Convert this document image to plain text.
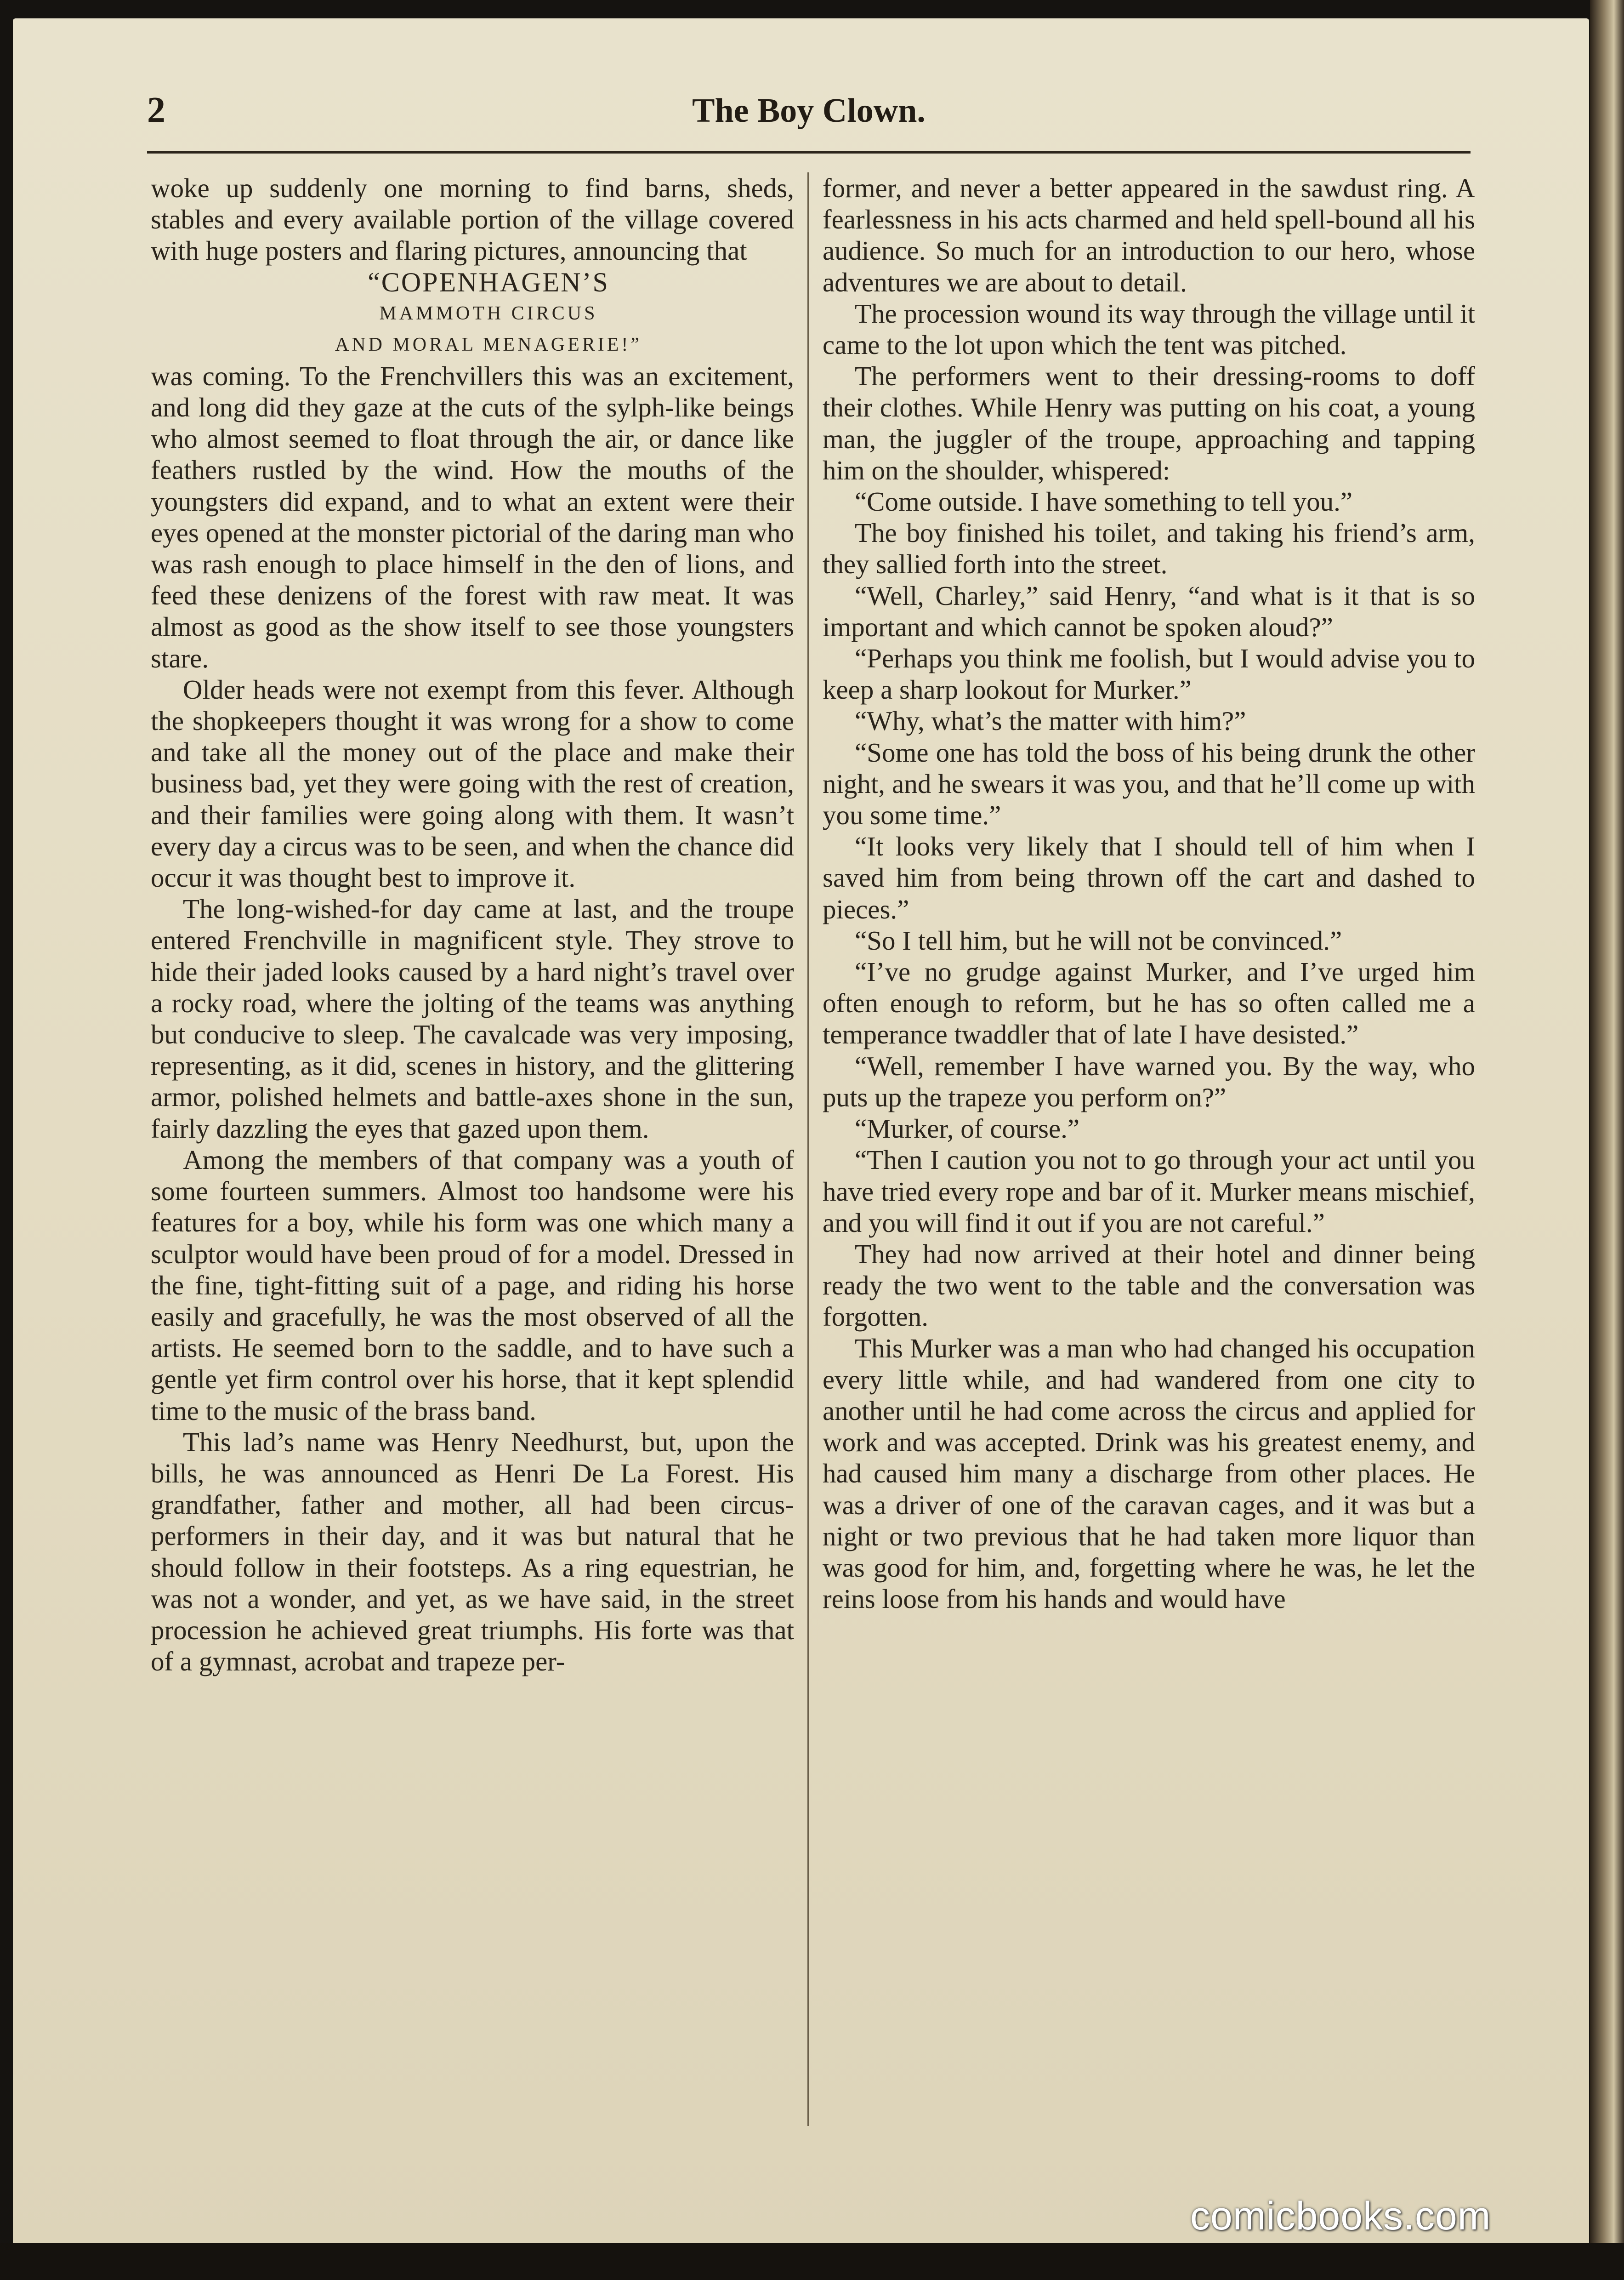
2	The Boy Clown.

woke up suddenly one morning to find barns, sheds, stables and every available portion of the village covered with huge posters and flaring pictures, announcing that

“COPENHAGEN’S

MAMMOTH CIRCUS

AND MORAL MENAGERIE!”

was coming. To the Frenchvillers this was an excitement, and long did they gaze at the cuts of the sylph-like beings who almost seemed to float through the air, or dance like feathers rustled by the wind. How the mouths of the youngsters did expand, and to what an extent were their eyes opened at the monster pictorial of the daring man who was rash enough to place himself in the den of lions, and feed these denizens of the forest with raw meat. It was almost as good as the show itself to see those youngsters stare.

Older heads were not exempt from this fever. Although the shopkeepers thought it was wrong for a show to come and take all the money out of the place and make their business bad, yet they were going with the rest of creation, and their families were going along with them. It wasn’t every day a circus was to be seen, and when the chance did occur it was thought best to improve it.

The long-wished-for day came at last, and the troupe entered Frenchville in magnificent style. They strove to hide their jaded looks caused by a hard night’s travel over a rocky road, where the jolting of the teams was anything but conducive to sleep. The cavalcade was very imposing, representing, as it did, scenes in history, and the glittering armor, polished helmets and battle-axes shone in the sun, fairly dazzling the eyes that gazed upon them.

Among the members of that company was a youth of some fourteen summers. Almost too handsome were his features for a boy, while his form was one which many a sculptor would have been proud of for a model. Dressed in the fine, tight-fitting suit of a page, and riding his horse easily and gracefully, he was the most observed of all the artists. He seemed born to the saddle, and to have such a gentle yet firm control over his horse, that it kept splendid time to the music of the brass band.

This lad’s name was Henry Needhurst, but, upon the bills, he was announced as Henri De La Forest. His grandfather, father and mother, all had been circus-performers in their day, and it was but natural that he should follow in their footsteps. As a ring equestrian, he was not a wonder, and yet, as we have said, in the street procession he achieved great triumphs. His forte was that of a gymnast, acrobat and trapeze per-

former, and never a better appeared in the sawdust ring. A fearlessness in his acts charmed and held spell-bound all his audience. So much for an introduction to our hero, whose adventures we are about to detail.

The procession wound its way through the village until it came to the lot upon which the tent was pitched.

The performers went to their dressing-rooms to doff their clothes. While Henry was putting on his coat, a young man, the juggler of the troupe, approaching and tapping him on the shoulder, whispered:

“Come outside. I have something to tell you.”

The boy finished his toilet, and taking his friend’s arm, they sallied forth into the street.

“Well, Charley,” said Henry, “and what is it that is so important and which cannot be spoken aloud?”

“Perhaps you think me foolish, but I would advise you to keep a sharp lookout for Murker.”

“Why, what’s the matter with him?”

“Some one has told the boss of his being drunk the other night, and he swears it was you, and that he’ll come up with you some time.”

“It looks very likely that I should tell of him when I saved him from being thrown off the cart and dashed to pieces.”

“So I tell him, but he will not be convinced.”

“I’ve no grudge against Murker, and I’ve urged him often enough to reform, but he has so often called me a temperance twaddler that of late I have desisted.”

“Well, remember I have warned you. By the way, who puts up the trapeze you perform on?”

“Murker, of course.”

“Then I caution you not to go through your act until you have tried every rope and bar of it. Murker means mischief, and you will find it out if you are not careful.”

They had now arrived at their hotel and dinner being ready the two went to the table and the conversation was forgotten.

This Murker was a man who had changed his occupation every little while, and had wandered from one city to another until he had come across the circus and applied for work and was accepted. Drink was his greatest enemy, and had caused him many a discharge from other places. He was a driver of one of the caravan cages, and it was but a night or two previous that he had taken more liquor than was good for him, and, forgetting where he was, he let the reins loose from his hands and would have

comicbooks.com
